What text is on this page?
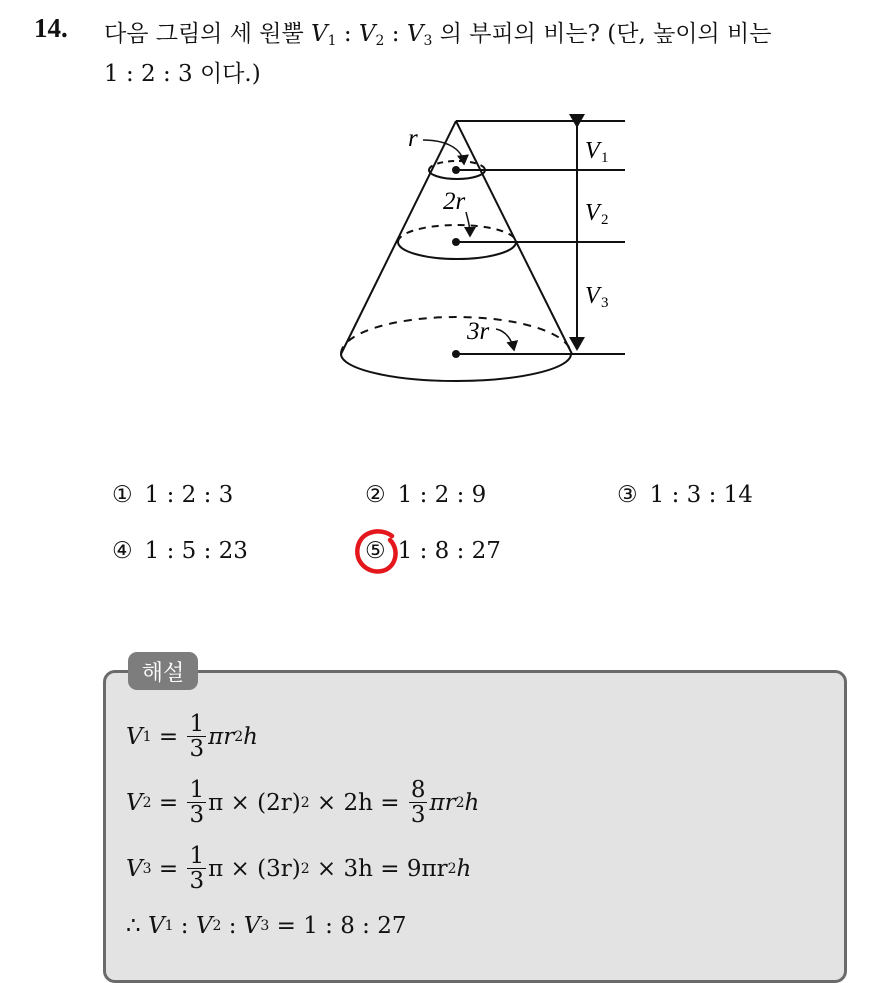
14. 다음 그림의 세 원뿔 $V_1$ : $V_2$ : $V_3$ 의 부피의 비는? (단, 높이의 비는
1 : 2 : 3 이다.)
r
2r
3r
V 1
V 2
V 3
① 1 : 2 : 3	② 1 : 2 : 9	③ 1 : 3 : 14
④ 1 : 5 : 23	⑤ 1 : 8 : 27
해설
V $1 = \frac{1}{3}$ πr 2 h
V $2 = \frac{1}{3}$ π × (2r) $2 \times 2h = \frac{8}{3}$ πr 2 h
V $3 = \frac{1}{3}$ π × (3r) 2 × 3h = 9πr 2 h
∴ V 1 : V 2 : V 3 = 1 : 8 : 27
